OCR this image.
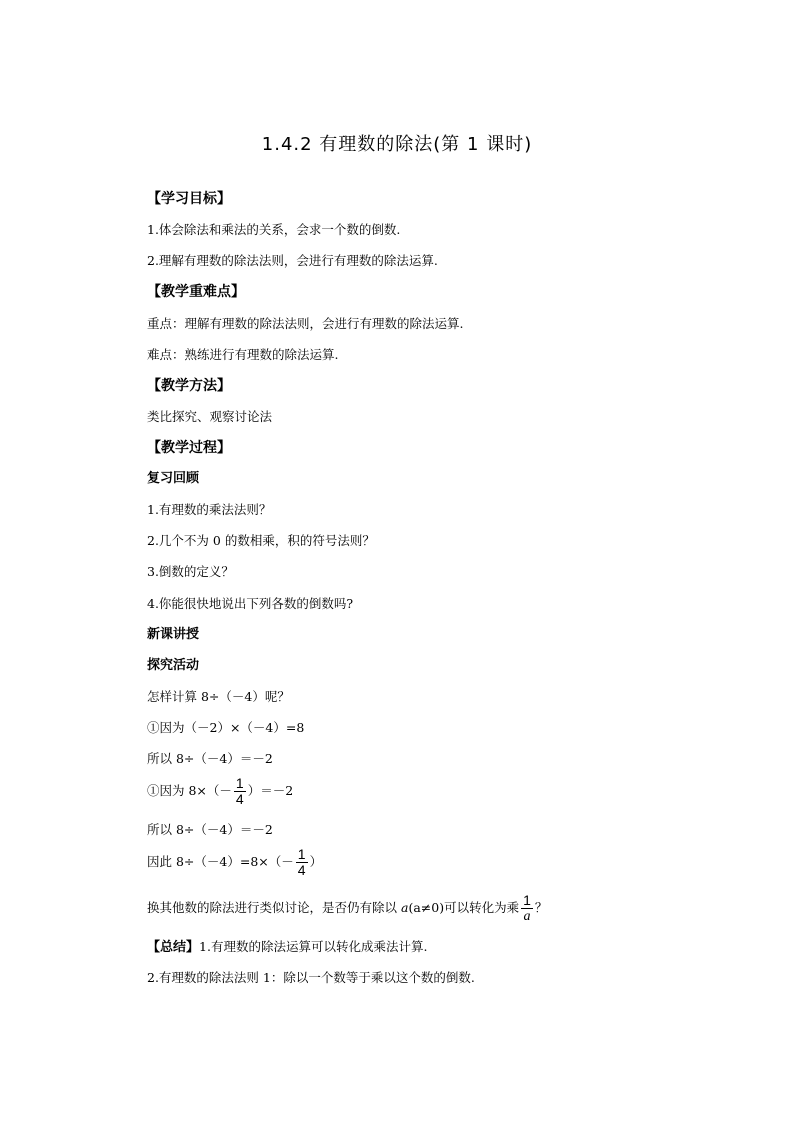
1.4.2 有理数的除法(第 1 课时)
【学习目标】
1.体会除法和乘法的关系，会求一个数的倒数.
2.理解有理数的除法法则，会进行有理数的除法运算.
【教学重难点】
重点：理解有理数的除法法则，会进行有理数的除法运算.
难点：熟练进行有理数的除法运算.
【教学方法】
类比探究、观察讨论法
【教学过程】
复习回顾
1.有理数的乘法法则？
2.几个不为 0 的数相乘，积的符号法则？
3.倒数的定义？
4.你能很快地说出下列各数的倒数吗?
新课讲授
探究活动
怎样计算 8÷（－4）呢？
①因为（－2）×（－4）=8
所以 8÷（－4）＝－2
①因为 $8\times(- \frac{1}{4} )=-2$
所以 8÷（－4）＝－2
因此 $8\div(-4)=8\times(- \frac{1}{4}$ ）
换其他数的除法进行类似讨论，是否仍有除以 a(a≠0)可以转化为乘 $\frac{1}{a}$ ？
【总结】1.有理数的除法运算可以转化成乘法计算.
2.有理数的除法法则 1：除以一个数等于乘以这个数的倒数.
